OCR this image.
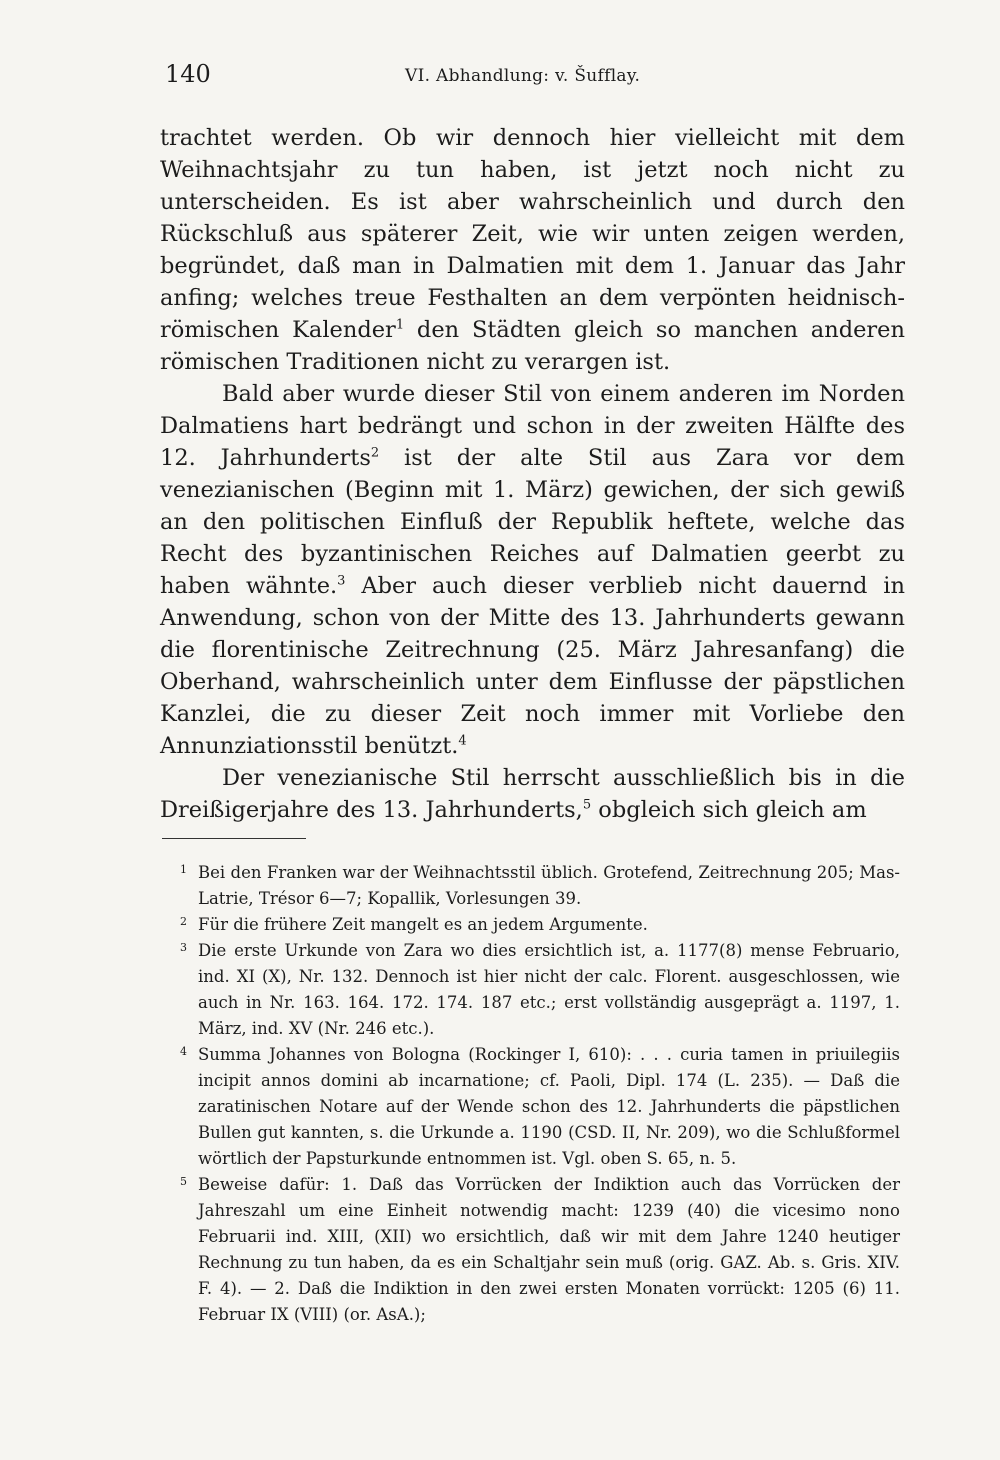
140	VI. Abhandlung: v. Šufflay.

trachtet werden. Ob wir dennoch hier vielleicht mit dem Weihnachtsjahr zu tun haben, ist jetzt noch nicht zu unterscheiden. Es ist aber wahrscheinlich und durch den Rückschluß aus späterer Zeit, wie wir unten zeigen werden, begründet, daß man in Dalmatien mit dem 1. Januar das Jahr anfing; welches treue Festhalten an dem verpönten heidnisch-römischen Kalender$^1$ den Städten gleich so manchen anderen römischen Traditionen nicht zu verargen ist.

Bald aber wurde dieser Stil von einem anderen im Norden Dalmatiens hart bedrängt und schon in der zweiten Hälfte des 12. Jahrhunderts$^2$ ist der alte Stil aus Zara vor dem venezianischen (Beginn mit 1. März) gewichen, der sich gewiß an den politischen Einfluß der Republik heftete, welche das Recht des byzantinischen Reiches auf Dalmatien geerbt zu haben wähnte.$^3$ Aber auch dieser verblieb nicht dauernd in Anwendung, schon von der Mitte des 13. Jahrhunderts gewann die florentinische Zeitrechnung (25. März Jahresanfang) die Oberhand, wahrscheinlich unter dem Einflusse der päpstlichen Kanzlei, die zu dieser Zeit noch immer mit Vorliebe den Annunziationsstil benützt.$^4$

Der venezianische Stil herrscht ausschließlich bis in die Dreißigerjahre des 13. Jahrhunderts,$^5$ obgleich sich gleich am

1 Bei den Franken war der Weihnachtsstil üblich. Grotefend, Zeitrechnung 205; Mas-Latrie, Trésor 6—7; Kopallik, Vorlesungen 39.

2 Für die frühere Zeit mangelt es an jedem Argumente.

3 Die erste Urkunde von Zara wo dies ersichtlich ist, a. 1177(8) mense Februario, ind. XI (X), Nr. 132. Dennoch ist hier nicht der calc. Florent. ausgeschlossen, wie auch in Nr. 163. 164. 172. 174. 187 etc.; erst vollständig ausgeprägt a. 1197, 1. März, ind. XV (Nr. 246 etc.).

4 Summa Johannes von Bologna (Rockinger I, 610): . . . curia tamen in priuilegiis incipit annos domini ab incarnatione; cf. Paoli, Dipl. 174 (L. 235). — Daß die zaratinischen Notare auf der Wende schon des 12. Jahrhunderts die päpstlichen Bullen gut kannten, s. die Urkunde a. 1190 (CSD. II, Nr. 209), wo die Schlußformel wörtlich der Papsturkunde entnommen ist. Vgl. oben S. 65, n. 5.

5 Beweise dafür: 1. Daß das Vorrücken der Indiktion auch das Vorrücken der Jahreszahl um eine Einheit notwendig macht: 1239 (40) die vicesimo nono Februarii ind. XIII, (XII) wo ersichtlich, daß wir mit dem Jahre 1240 heutiger Rechnung zu tun haben, da es ein Schaltjahr sein muß (orig. GAZ. Ab. s. Gris. XIV. F. 4). — 2. Daß die Indiktion in den zwei ersten Monaten vorrückt: 1205 (6) 11. Februar IX (VIII) (or. AsA.);
